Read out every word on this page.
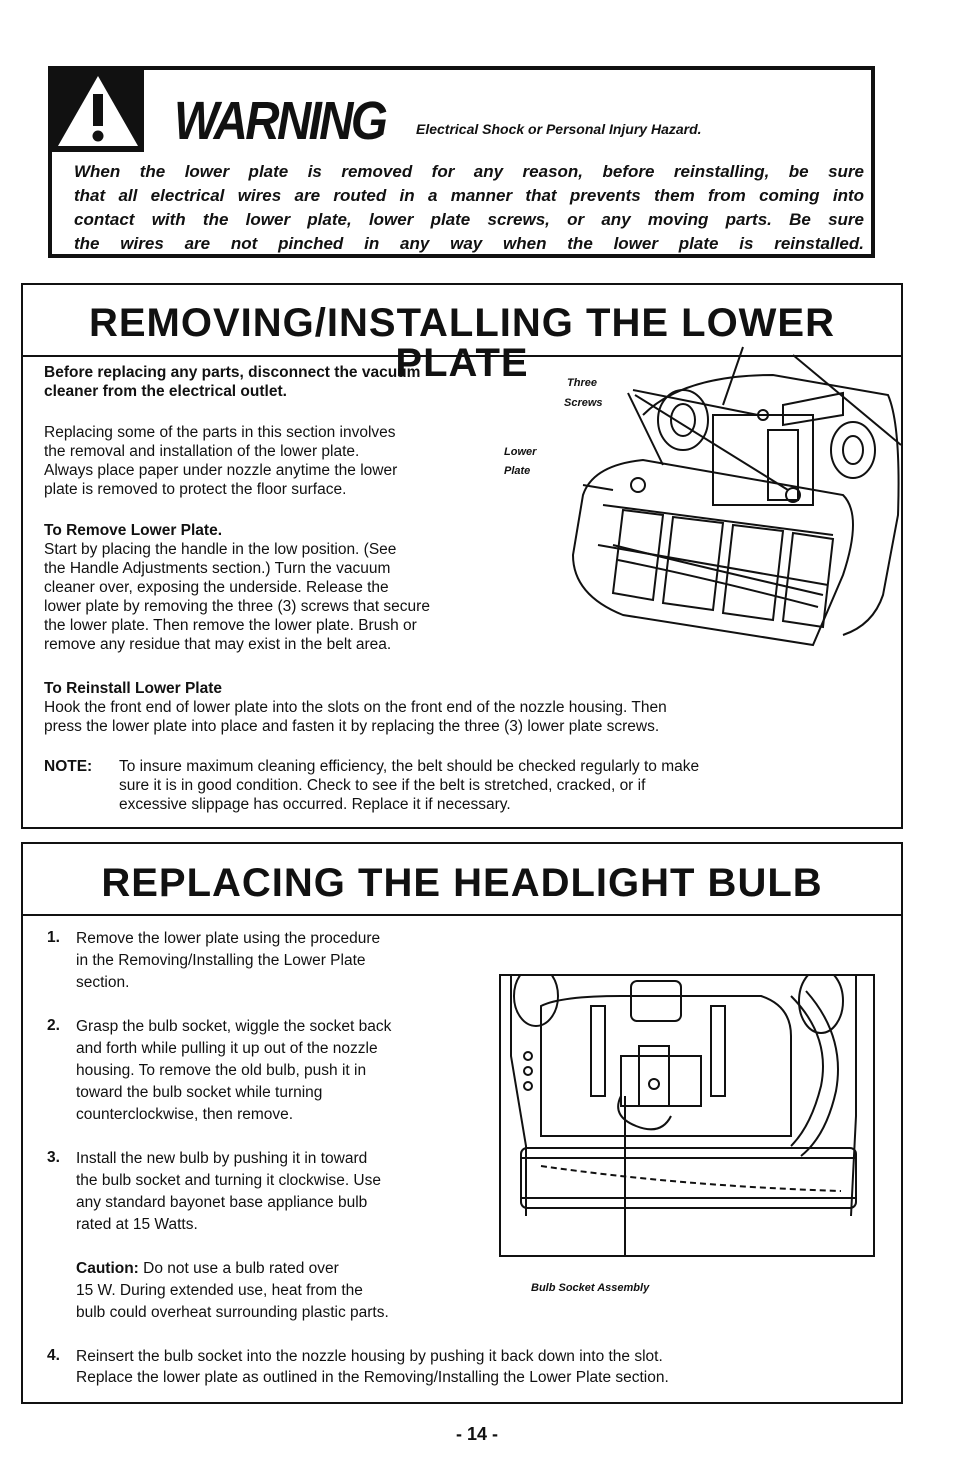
WARNING Electrical Shock or Personal Injury Hazard.
When the lower plate is removed for any reason, before reinstalling, be sure
that all electrical wires are routed in a manner that prevents them from coming into
contact with the lower plate, lower plate screws, or any moving parts. Be sure
the wires are not pinched in any way when the lower plate is reinstalled.
REMOVING/INSTALLING THE LOWER PLATE
Before replacing any parts, disconnect the vacuum
cleaner from the electrical outlet.
Replacing some of the parts in this section involves
the removal and installation of the lower plate.
Always place paper under nozzle anytime the lower
plate is removed to protect the floor surface.
To Remove Lower Plate.
Start by placing the handle in the low position. (See
the Handle Adjustments section.) Turn the vacuum
cleaner over, exposing the underside. Release the
lower plate by removing the three (3) screws that secure
the lower plate. Then remove the lower plate. Brush or
remove any residue that may exist in the belt area.
To Reinstall Lower Plate
Hook the front end of lower plate into the slots on the front end of the nozzle housing. Then
press the lower plate into place and fasten it by replacing the three (3) lower plate screws.
NOTE: To insure maximum cleaning efficiency, the belt should be checked regularly to make
sure it is in good condition. Check to see if the belt is stretched, cracked, or if
excessive slippage has occurred. Replace it if necessary.
Three
Screws
Lower
Plate
REPLACING THE HEADLIGHT BULB
1. Remove the lower plate using the procedure
in the Removing/Installing the Lower Plate
section.
2. Grasp the bulb socket, wiggle the socket back
and forth while pulling it up out of the nozzle
housing. To remove the old bulb, push it in
toward the bulb socket while turning
counterclockwise, then remove.
3. Install the new bulb by pushing it in toward
the bulb socket and turning it clockwise. Use
any standard bayonet base appliance bulb
rated at 15 Watts.
Caution: Do not use a bulb rated over
15 W. During extended use, heat from the
bulb could overheat surrounding plastic parts.
4. Reinsert the bulb socket into the nozzle housing by pushing it back down into the slot.
Replace the lower plate as outlined in the Removing/Installing the Lower Plate section.
Bulb Socket Assembly
- 14 -
